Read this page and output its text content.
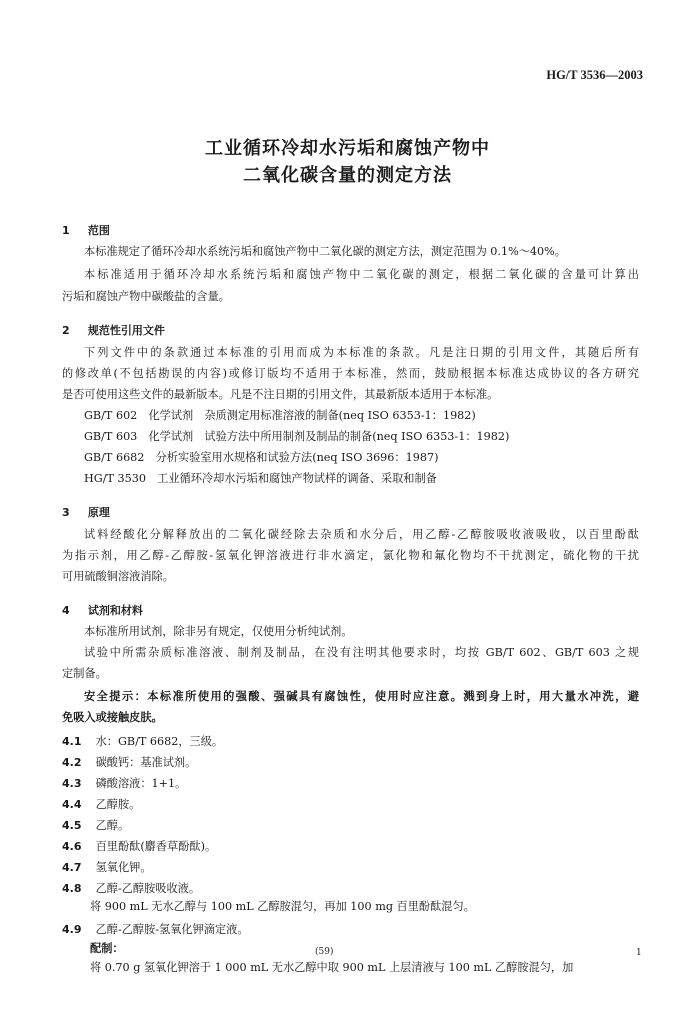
HG/T 3536—2003
工业循环冷却水污垢和腐蚀产物中
二氧化碳含量的测定方法
1 范围
本标准规定了循环冷却水系统污垢和腐蚀产物中二氧化碳的测定方法，测定范围为 0.1%～40%。
本标准适用于循环冷却水系统污垢和腐蚀产物中二氧化碳的测定，根据二氧化碳的含量可计算出
污垢和腐蚀产物中碳酸盐的含量。
2 规范性引用文件
下列文件中的条款通过本标准的引用而成为本标准的条款。凡是注日期的引用文件，其随后所有
的修改单(不包括勘误的内容)或修订版均不适用于本标准，然而，鼓励根据本标准达成协议的各方研究
是否可使用这些文件的最新版本。凡是不注日期的引用文件，其最新版本适用于本标准。
GB/T 602　化学试剂　杂质测定用标准溶液的制备(neq ISO 6353-1：1982)
GB/T 603　化学试剂　试验方法中所用制剂及制品的制备(neq ISO 6353-1：1982)
GB/T 6682　分析实验室用水规格和试验方法(neq ISO 3696：1987)
HG/T 3530　工业循环冷却水污垢和腐蚀产物试样的调备、采取和制备
3 原理
试料经酸化分解释放出的二氧化碳经除去杂质和水分后，用乙醇-乙醇胺吸收液吸收，以百里酚酞
为指示剂，用乙醇-乙醇胺-氢氧化钾溶液进行非水滴定，氯化物和氟化物均不干扰测定，硫化物的干扰
可用硫酸铜溶液消除。
4 试剂和材料
本标准所用试剂，除非另有规定，仅使用分析纯试剂。
试验中所需杂质标准溶液、制剂及制品，在没有注明其他要求时，均按 GB/T 602、GB/T 603 之规
定制备。
安全提示：本标准所使用的强酸、强碱具有腐蚀性，使用时应注意。溅到身上时，用大量水冲洗，避
免吸入或接触皮肤。
4.1 水：GB/T 6682，三级。
4.2 碳酸钙：基准试剂。
4.3 磷酸溶液：1+1。
4.4 乙醇胺。
4.5 乙醇。
4.6 百里酚酞(麝香草酚酞)。
4.7 氢氧化钾。
4.8 乙醇-乙醇胺吸收液。
将 900 mL 无水乙醇与 100 mL 乙醇胺混匀，再加 100 mg 百里酚酞混匀。
4.9 乙醇-乙醇胺-氢氧化钾滴定液。
配制：
将 0.70 g 氢氧化钾溶于 1 000 mL 无水乙醇中取 900 mL 上层清液与 100 mL 乙醇胺混匀，加
(59)	1
